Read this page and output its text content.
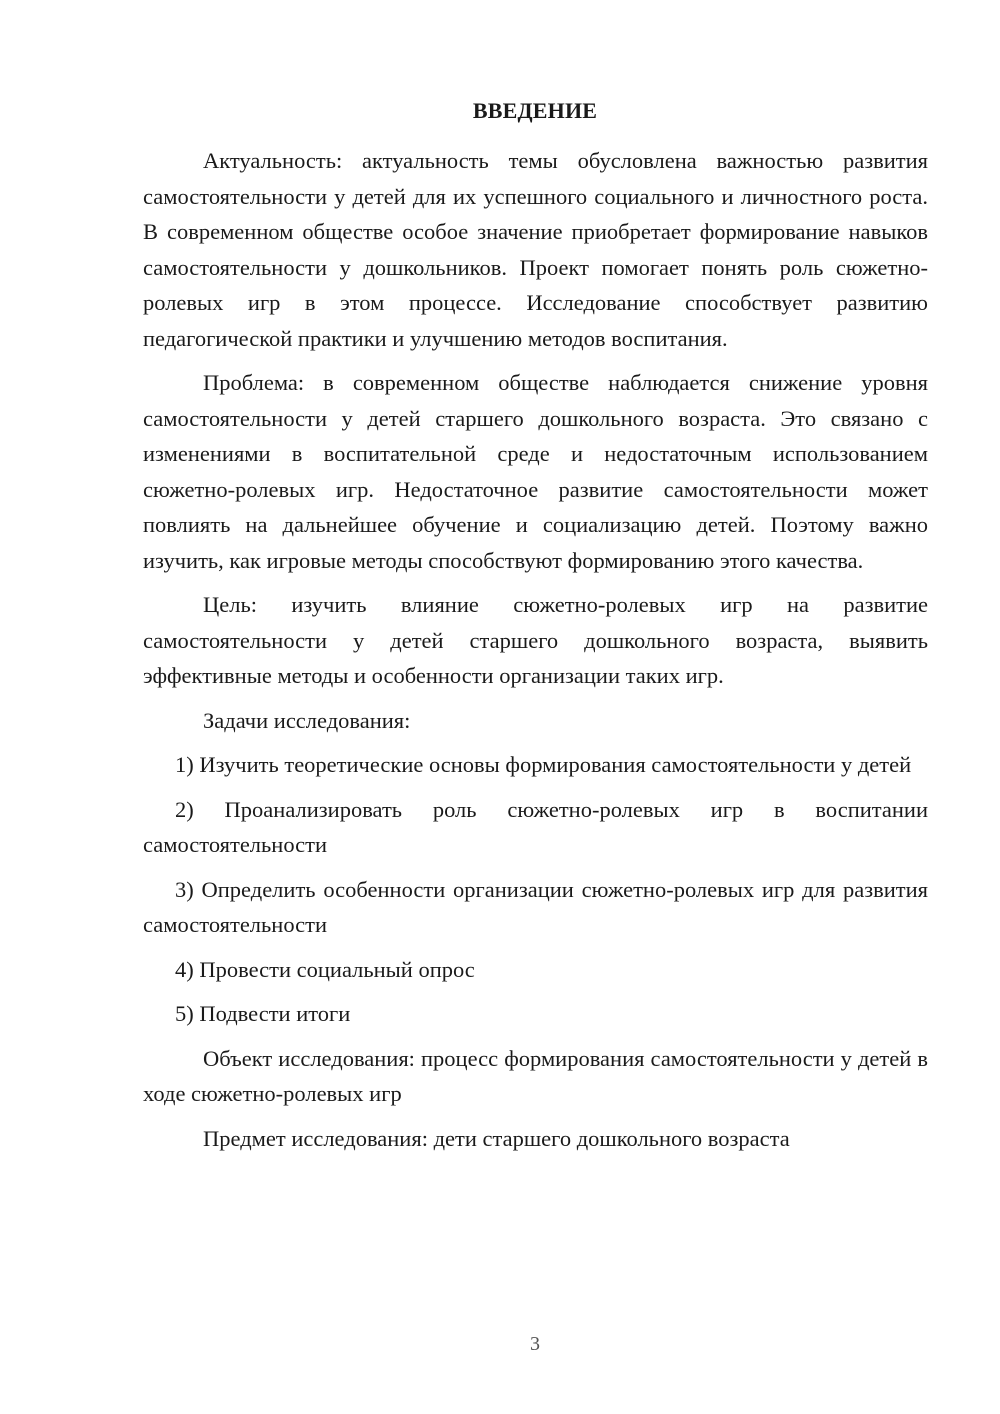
ВВЕДЕНИЕ

Актуальность: актуальность темы обусловлена важностью развития самостоятельности у детей для их успешного социального и личностного роста. В современном обществе особое значение приобретает формирование навыков самостоятельности у дошкольников. Проект помогает понять роль сюжетно-ролевых игр в этом процессе. Исследование способствует развитию педагогической практики и улучшению методов воспитания.

Проблема: в современном обществе наблюдается снижение уровня самостоятельности у детей старшего дошкольного возраста. Это связано с изменениями в воспитательной среде и недостаточным использованием сюжетно-ролевых игр. Недостаточное развитие самостоятельности может повлиять на дальнейшее обучение и социализацию детей. Поэтому важно изучить, как игровые методы способствуют формированию этого качества.

Цель: изучить влияние сюжетно-ролевых игр на развитие самостоятельности у детей старшего дошкольного возраста, выявить эффективные методы и особенности организации таких игр.

Задачи исследования:

1) Изучить теоретические основы формирования самостоятельности у детей

2) Проанализировать роль сюжетно-ролевых игр в воспитании самостоятельности

3) Определить особенности организации сюжетно-ролевых игр для развития самостоятельности

4) Провести социальный опрос

5) Подвести итоги

Объект исследования: процесс формирования самостоятельности у детей в ходе сюжетно-ролевых игр

Предмет исследования: дети старшего дошкольного возраста

3
